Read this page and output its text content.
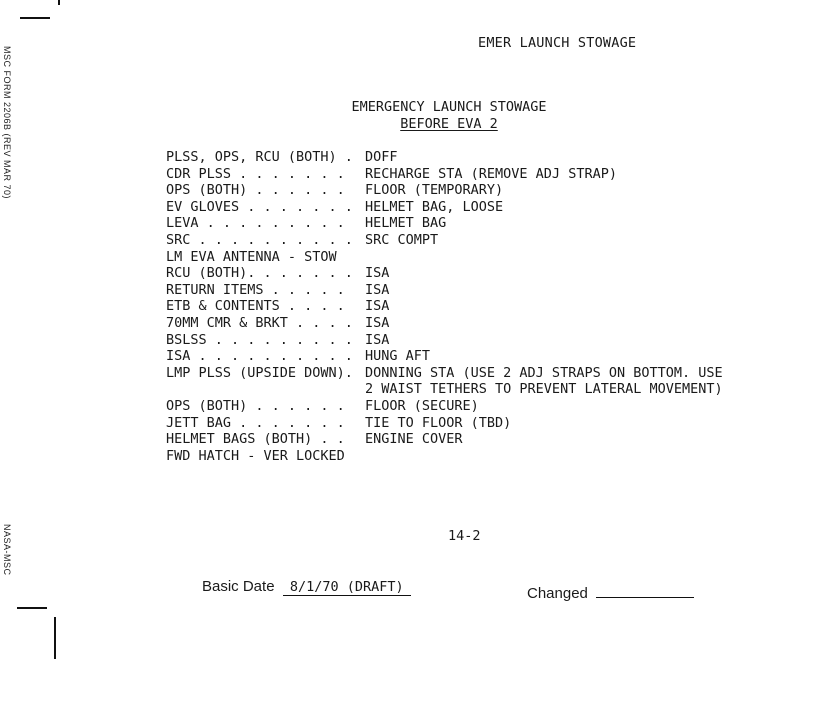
MSC FORM 2206B (REV MAR 70)
NASA-MSC
EMER LAUNCH STOWAGE
EMERGENCY LAUNCH STOWAGE
BEFORE EVA 2
PLSS, OPS, RCU (BOTH) . DOFF
CDR PLSS . . . . . . . RECHARGE STA (REMOVE ADJ STRAP)
OPS (BOTH) . . . . . . FLOOR (TEMPORARY)
EV GLOVES . . . . . . . HELMET BAG, LOOSE
LEVA . . . . . . . . . HELMET BAG
SRC . . . . . . . . . . SRC COMPT
LM EVA ANTENNA - STOW
RCU (BOTH). . . . . . . ISA
RETURN ITEMS . . . . . ISA
ETB & CONTENTS . . . . ISA
70MM CMR & BRKT . . . . ISA
BSLSS . . . . . . . . . ISA
ISA . . . . . . . . . . HUNG AFT
LMP PLSS (UPSIDE DOWN). DONNING STA (USE 2 ADJ STRAPS ON BOTTOM. USE
2 WAIST TETHERS TO PREVENT LATERAL MOVEMENT)
OPS (BOTH) . . . . . . FLOOR (SECURE)
JETT BAG . . . . . . . TIE TO FLOOR (TBD)
HELMET BAGS (BOTH) . . ENGINE COVER
FWD HATCH - VER LOCKED
14-2
Basic Date 8/1/70 (DRAFT)	Changed
